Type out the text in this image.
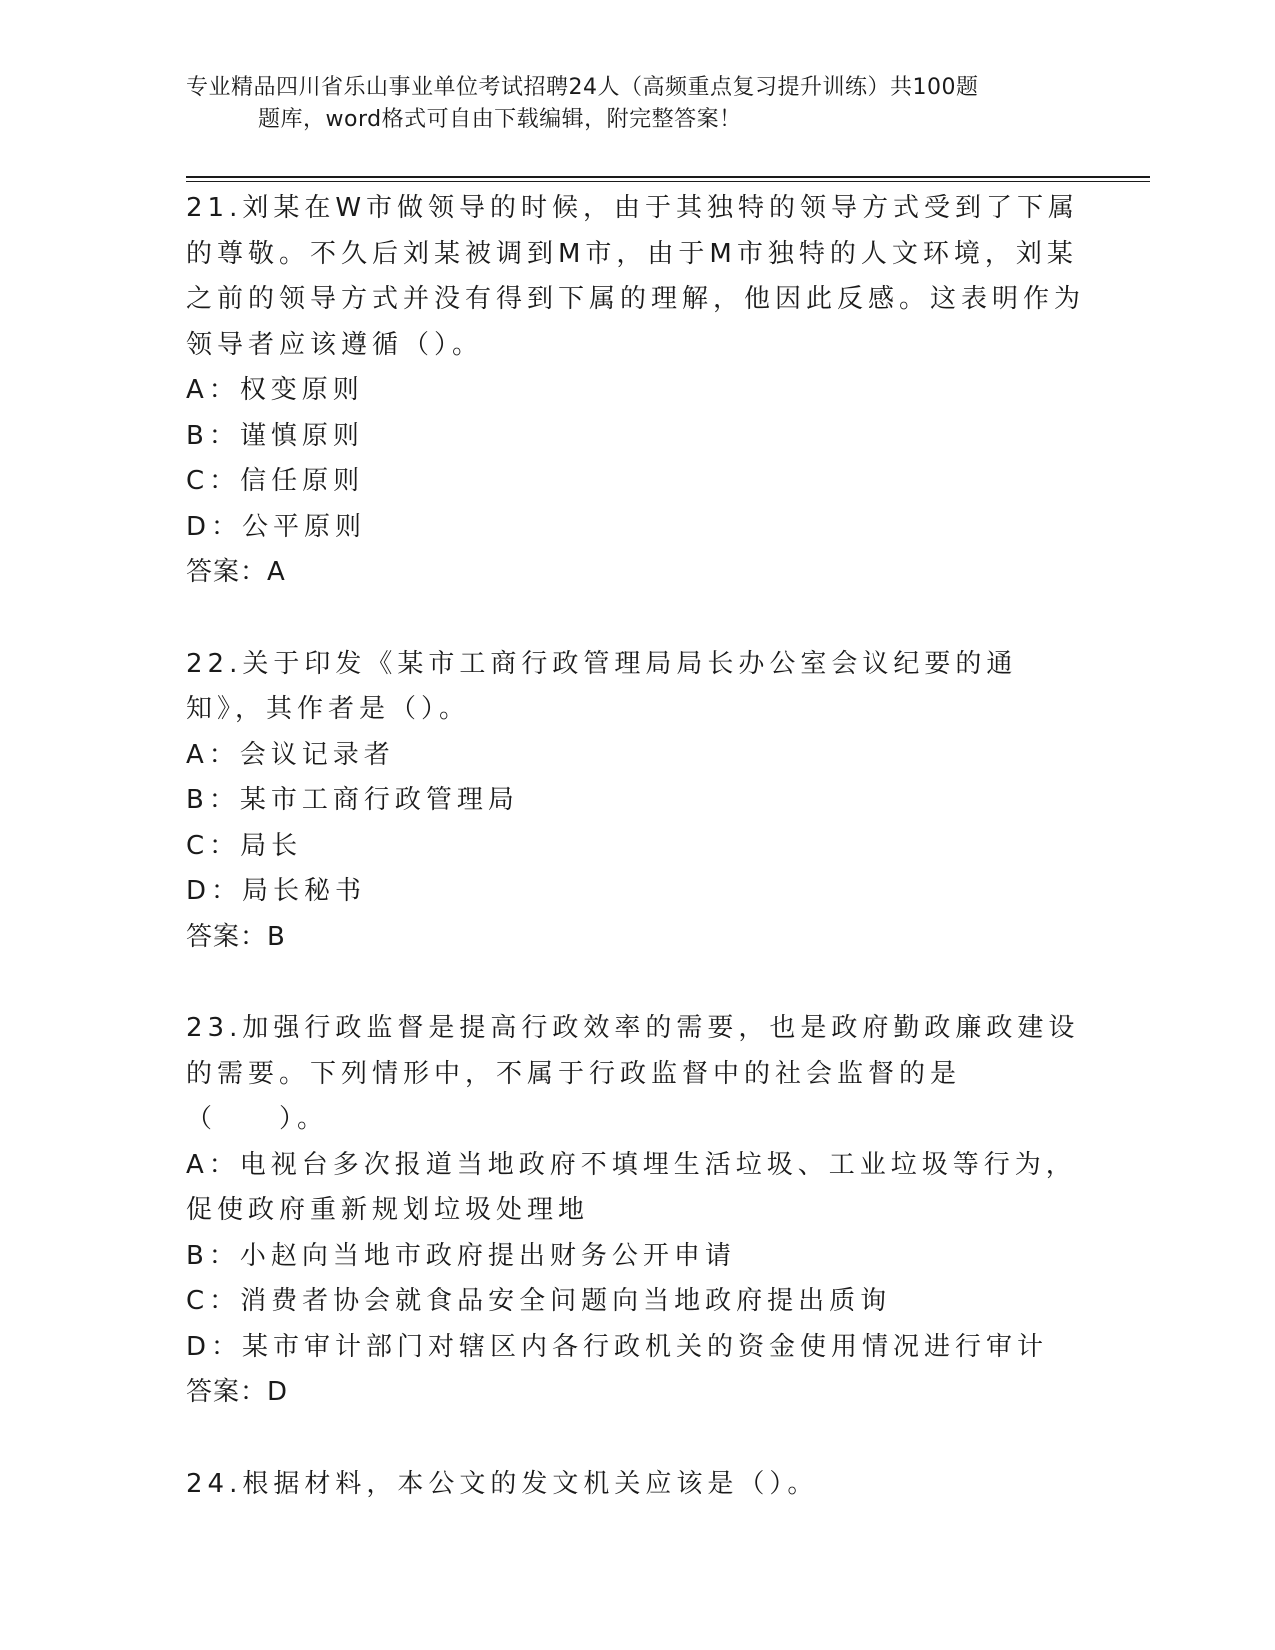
专业精品四川省乐山事业单位考试招聘24人（高频重点复习提升训练）共100题
题库，word格式可自由下载编辑，附完整答案！

21.刘某在W市做领导的时候，由于其独特的领导方式受到了下属的尊敬。不久后刘某被调到M市，由于M市独特的人文环境，刘某之前的领导方式并没有得到下属的理解，他因此反感。这表明作为领导者应该遵循（）。

A：权变原则

B：谨慎原则

C：信任原则

D：公平原则

答案：A

22.关于印发《某市工商行政管理局局长办公室会议纪要的通知》，其作者是（）。

A：会议记录者

B：某市工商行政管理局

C：局长

D：局长秘书

答案：B

23.加强行政监督是提高行政效率的需要，也是政府勤政廉政建设的需要。下列情形中，不属于行政监督中的社会监督的是（　　）。

A：电视台多次报道当地政府不填埋生活垃圾、工业垃圾等行为，促使政府重新规划垃圾处理地

B：小赵向当地市政府提出财务公开申请

C：消费者协会就食品安全问题向当地政府提出质询

D：某市审计部门对辖区内各行政机关的资金使用情况进行审计

答案：D

24.根据材料，本公文的发文机关应该是（）。
